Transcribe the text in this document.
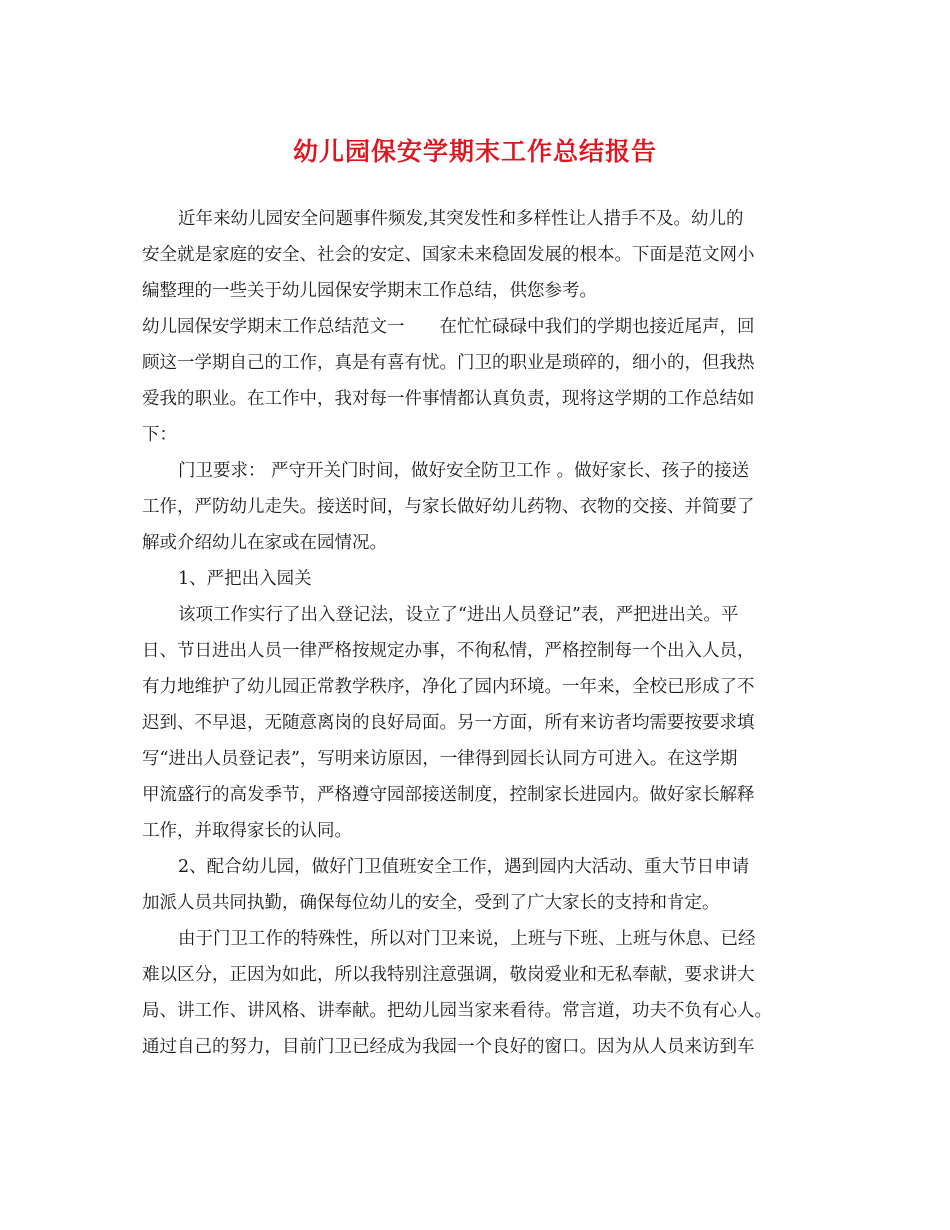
幼儿园保安学期末工作总结报告
近年来幼儿园安全问题事件频发,其突发性和多样性让人措手不及。幼儿的
安全就是家庭的安全、社会的安定、国家未来稳固发展的根本。下面是范文网小
编整理的一些关于幼儿园保安学期末工作总结，供您参考。
幼儿园保安学期末工作总结范文一　　在忙忙碌碌中我们的学期也接近尾声，回
顾这一学期自己的工作，真是有喜有忧。门卫的职业是琐碎的，细小的，但我热
爱我的职业。在工作中，我对每一件事情都认真负责，现将这学期的工作总结如
下：
门卫要求： 严守开关门时间，做好安全防卫工作 。做好家长、孩子的接送
工作，严防幼儿走失。接送时间，与家长做好幼儿药物、衣物的交接、并简要了
解或介绍幼儿在家或在园情况。
1、严把出入园关
该项工作实行了出入登记法，设立了“进出人员登记”表，严把进出关。平
日、节日进出人员一律严格按规定办事，不徇私情，严格控制每一个出入人员，
有力地维护了幼儿园正常教学秩序，净化了园内环境。一年来，全校已形成了不
迟到、不早退，无随意离岗的良好局面。另一方面，所有来访者均需要按要求填
写“进出人员登记表”，写明来访原因，一律得到园长认同方可进入。在这学期
甲流盛行的高发季节，严格遵守园部接送制度，控制家长进园内。做好家长解释
工作，并取得家长的认同。
2、配合幼儿园，做好门卫值班安全工作，遇到园内大活动、重大节日申请
加派人员共同执勤，确保每位幼儿的安全，受到了广大家长的支持和肯定。
由于门卫工作的特殊性，所以对门卫来说，上班与下班、上班与休息、已经
难以区分，正因为如此，所以我特别注意强调，敬岗爱业和无私奉献，要求讲大
局、讲工作、讲风格、讲奉献。把幼儿园当家来看待。常言道，功夫不负有心人。
通过自己的努力，目前门卫已经成为我园一个良好的窗口。因为从人员来访到车
